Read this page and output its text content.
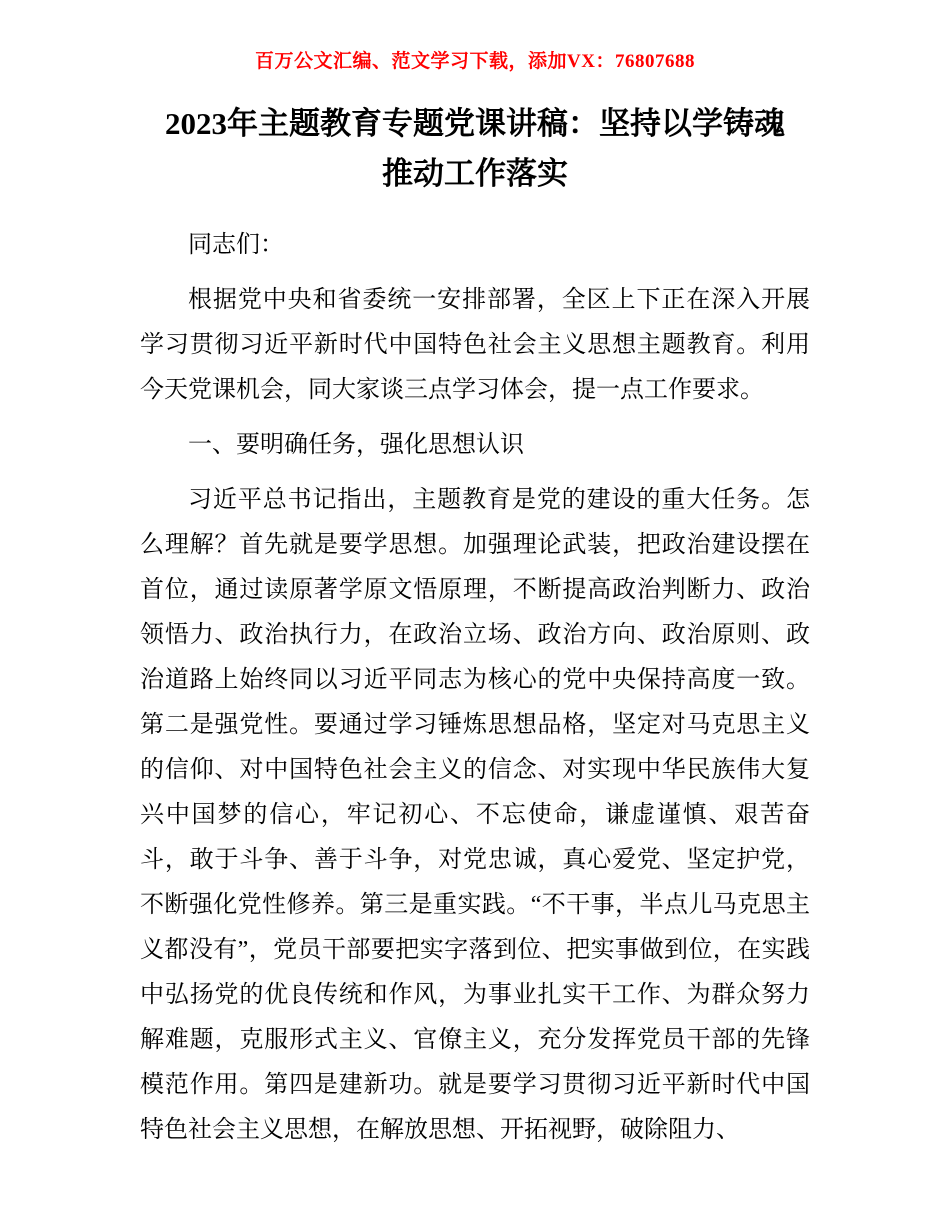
百万公文汇编、范文学习下载，添加VX：76807688
2023年主题教育专题党课讲稿：坚持以学铸魂
推动工作落实

同志们：

根据党中央和省委统一安排部署，全区上下正在深入开展学习贯彻习近平新时代中国特色社会主义思想主题教育。利用今天党课机会，同大家谈三点学习体会，提一点工作要求。

一、要明确任务，强化思想认识

习近平总书记指出，主题教育是党的建设的重大任务。怎么理解？首先就是要学思想。加强理论武装，把政治建设摆在首位，通过读原著学原文悟原理，不断提高政治判断力、政治领悟力、政治执行力，在政治立场、政治方向、政治原则、政治道路上始终同以习近平同志为核心的党中央保持高度一致。第二是强党性。要通过学习锤炼思想品格，坚定对马克思主义的信仰、对中国特色社会主义的信念、对实现中华民族伟大复兴中国梦的信心，牢记初心、不忘使命，谦虚谨慎、艰苦奋斗，敢于斗争、善于斗争，对党忠诚，真心爱党、坚定护党，不断强化党性修养。第三是重实践。“不干事，半点儿马克思主义都没有”，党员干部要把实字落到位、把实事做到位，在实践中弘扬党的优良传统和作风，为事业扎实干工作、为群众努力解难题，克服形式主义、官僚主义，充分发挥党员干部的先锋模范作用。第四是建新功。就是要学习贯彻习近平新时代中国特色社会主义思想，在解放思想、开拓视野，破除阻力、
